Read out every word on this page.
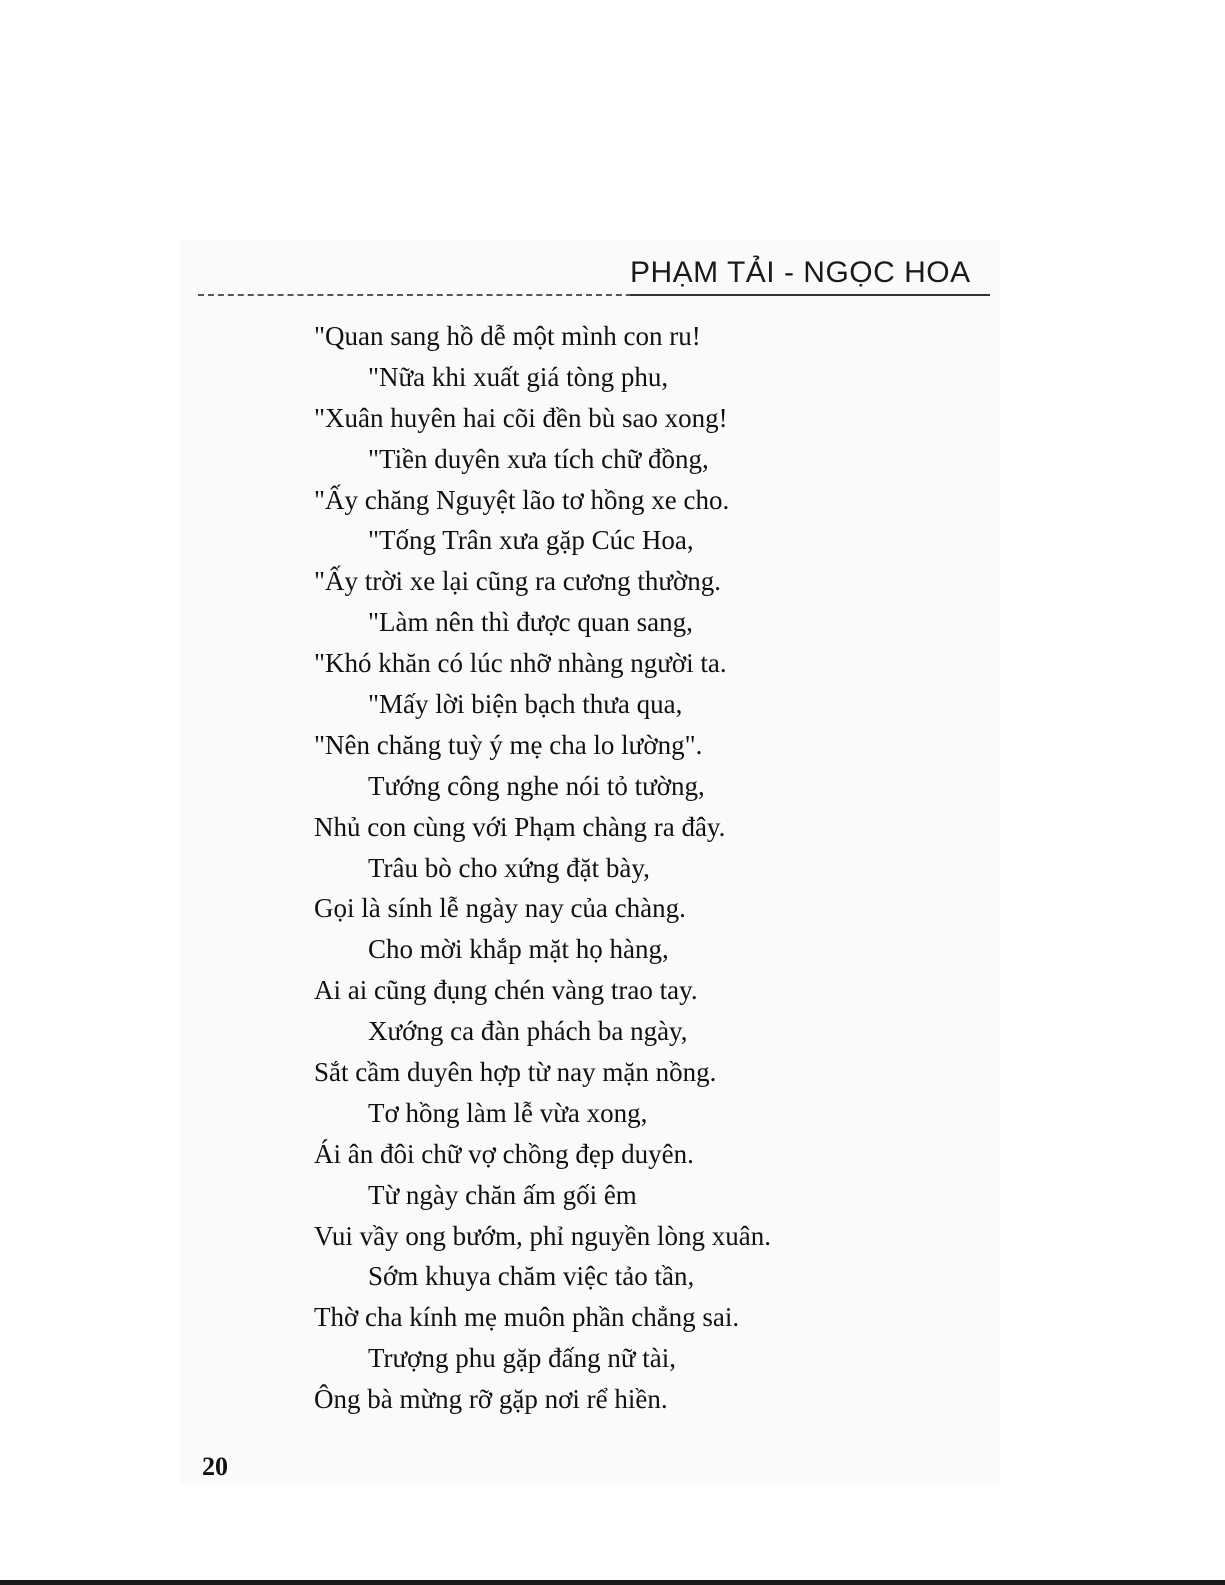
PHẠM TẢI - NGỌC HOA
"Quan sang hồ dễ một mình con ru!
"Nữa khi xuất giá tòng phu,
"Xuân huyên hai cõi đền bù sao xong!
"Tiền duyên xưa tích chữ đồng,
"Ấy chăng Nguyệt lão tơ hồng xe cho.
"Tống Trân xưa gặp Cúc Hoa,
"Ấy trời xe lại cũng ra cương thường.
"Làm nên thì được quan sang,
"Khó khăn có lúc nhỡ nhàng người ta.
"Mấy lời biện bạch thưa qua,
"Nên chăng tuỳ ý mẹ cha lo lường".
Tướng công nghe nói tỏ tường,
Nhủ con cùng với Phạm chàng ra đây.
Trâu bò cho xứng đặt bày,
Gọi là sính lễ ngày nay của chàng.
Cho mời khắp mặt họ hàng,
Ai ai cũng đụng chén vàng trao tay.
Xướng ca đàn phách ba ngày,
Sắt cầm duyên hợp từ nay mặn nồng.
Tơ hồng làm lễ vừa xong,
Ái ân đôi chữ vợ chồng đẹp duyên.
Từ ngày chăn ấm gối êm
Vui vầy ong bướm, phỉ nguyền lòng xuân.
Sớm khuya chăm việc tảo tần,
Thờ cha kính mẹ muôn phần chẳng sai.
Trượng phu gặp đấng nữ tài,
Ông bà mừng rỡ gặp nơi rể hiền.
20
